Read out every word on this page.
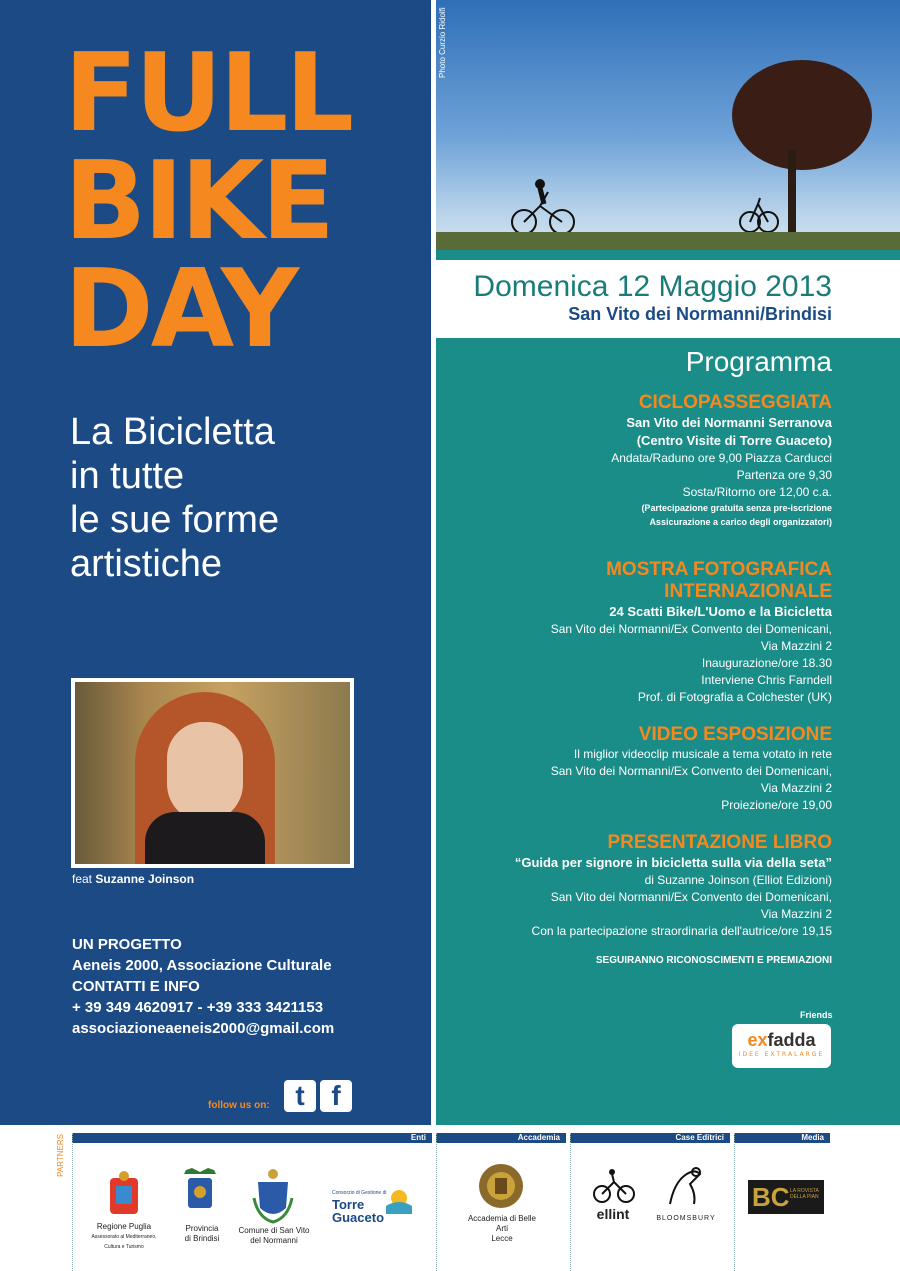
FULL
BIKE
DAY
La Bicicletta
in tutte
le sue forme
artistiche
feat Suzanne Joinson
UN PROGETTO
Aeneis 2000, Associazione Culturale
CONTATTI E INFO
+ 39 349 4620917 - +39 333 3421153
associazioneaeneis2000@gmail.com
follow us on: t f
Photo Curzio Ridolfi
Domenica 12 Maggio 2013
San Vito dei Normanni/Brindisi
Programma
CICLOPASSEGGIATA
San Vito dei Normanni Serranova
(Centro Visite di Torre Guaceto)
Andata/Raduno ore 9,00 Piazza Carducci
Partenza ore 9,30
Sosta/Ritorno ore 12,00 c.a.
(Partecipazione gratuita senza pre-iscrizione
Assicurazione a carico degli organizzatori)
MOSTRA FOTOGRAFICA
INTERNAZIONALE
24 Scatti Bike/L'Uomo e la Bicicletta
San Vito dei Normanni/Ex Convento dei Domenicani,
Via Mazzini 2
Inaugurazione/ore 18.30
Interviene Chris Farndell
Prof. di Fotografia a Colchester (UK)
VIDEO ESPOSIZIONE
Il miglior videoclip musicale a tema votato in rete
San Vito dei Normanni/Ex Convento dei Domenicani,
Via Mazzini 2
Proiezione/ore 19,00
PRESENTAZIONE LIBRO
“Guida per signore in bicicletta sulla via della seta”
di Suzanne Joinson (Elliot Edizioni)
San Vito dei Normanni/Ex Convento dei Domenicani,
Via Mazzini 2
Con la partecipazione straordinaria dell'autrice/ore 19,15
SEGUIRANNO RICONOSCIMENTI E PREMIAZIONI
Friends
exfadda
IDEE EXTRALARGE
PARTNERS	Enti	Accademia	Case Editrici	Media
Regione Puglia
Assessorato al Mediterraneo, Cultura e Turismo
Provincia
di Brindisi
Comune di San Vito
del Normanni
Consorzio di Gestione di
Torre
Guaceto	Accademia di Belle Arti
Lecce
ellint	BLOOMSBURY
BC LA ROVISTA DELLA PIAN
